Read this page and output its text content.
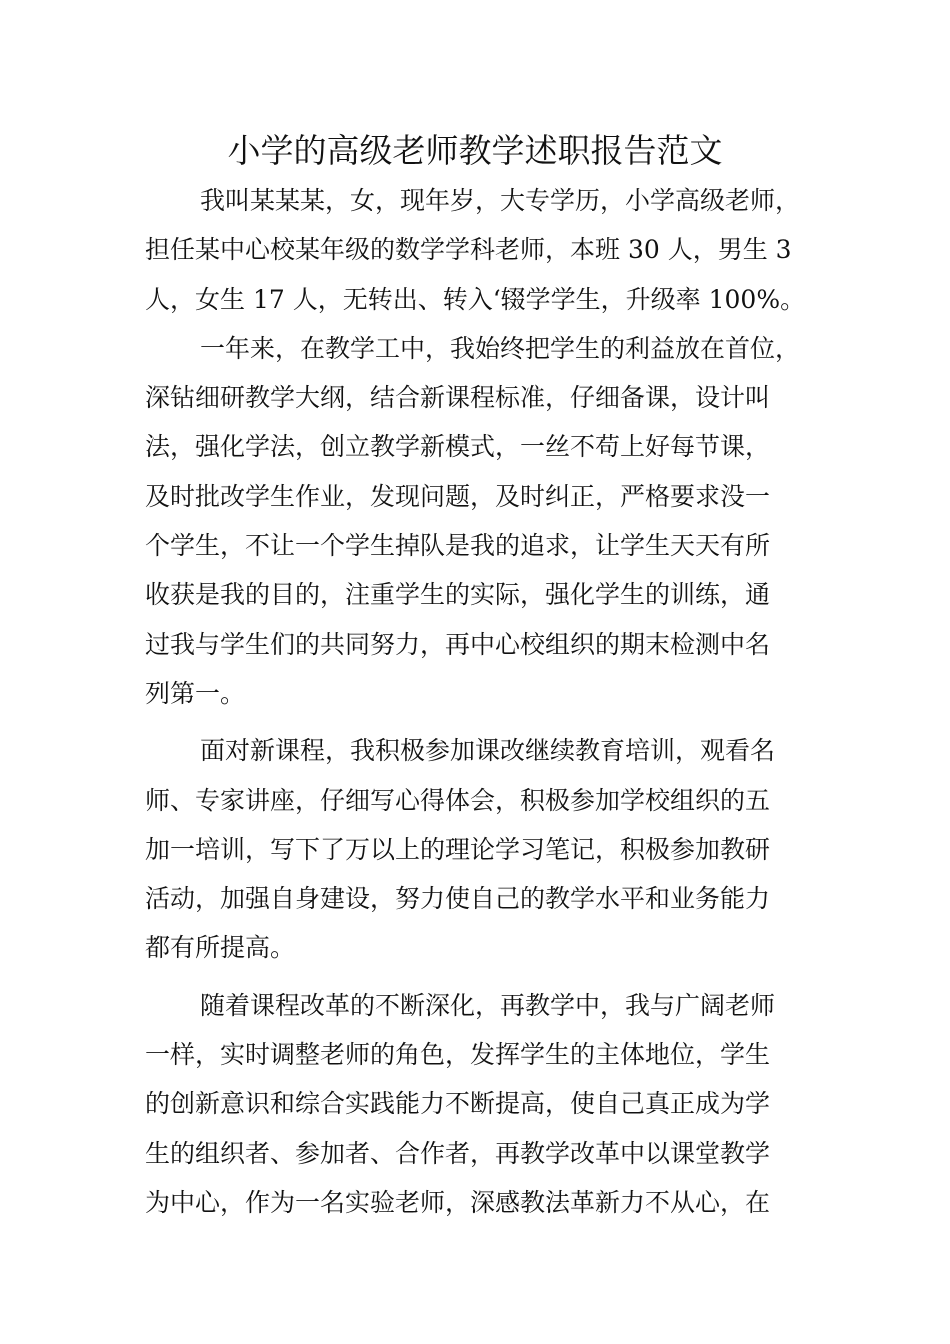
小学的高级老师教学述职报告范文
我叫某某某，女，现年岁，大专学历，小学高级老师，
担任某中心校某年级的数学学科老师，本班 30 人，男生 3
人，女生 17 人，无转出、转入‘辍学学生，升级率 100%。
一年来，在教学工中，我始终把学生的利益放在首位，
深钻细研教学大纲，结合新课程标准，仔细备课，设计叫
法，强化学法，创立教学新模式，一丝不苟上好每节课，
及时批改学生作业，发现问题，及时纠正，严格要求没一
个学生，不让一个学生掉队是我的追求，让学生天天有所
收获是我的目的，注重学生的实际，强化学生的训练，通
过我与学生们的共同努力，再中心校组织的期末检测中名
列第一。
面对新课程，我积极参加课改继续教育培训，观看名
师、专家讲座，仔细写心得体会，积极参加学校组织的五
加一培训，写下了万以上的理论学习笔记，积极参加教研
活动，加强自身建设，努力使自己的教学水平和业务能力
都有所提高。
随着课程改革的不断深化，再教学中，我与广阔老师
一样，实时调整老师的角色，发挥学生的主体地位，学生
的创新意识和综合实践能力不断提高，使自己真正成为学
生的组织者、参加者、合作者，再教学改革中以课堂教学
为中心，作为一名实验老师，深感教法革新力不从心，在
